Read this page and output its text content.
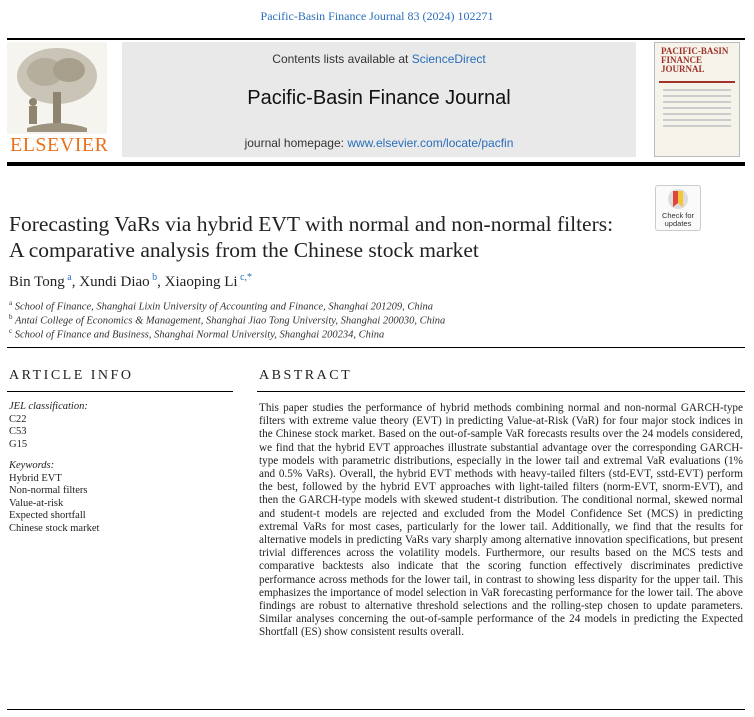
Pacific-Basin Finance Journal 83 (2024) 102271
ELSEVIER
Contents lists available at ScienceDirect
Pacific-Basin Finance Journal
journal homepage: www.elsevier.com/locate/pacfin
PACIFIC-BASIN FINANCE JOURNAL
Check for updates
Forecasting VaRs via hybrid EVT with normal and non-normal filters: A comparative analysis from the Chinese stock market
Bin Tong $^a$, Xundi Diao $^b$, Xiaoping Li $^{c,*}$
$^a$ School of Finance, Shanghai Lixin University of Accounting and Finance, Shanghai 201209, China
$^b$ Antai College of Economics & Management, Shanghai Jiao Tong University, Shanghai 200030, China
$^c$ School of Finance and Business, Shanghai Normal University, Shanghai 200234, China
ARTICLE INFO
JEL classification:
C22
C53
G15
Keywords:
Hybrid EVT
Non-normal filters
Value-at-risk
Expected shortfall
Chinese stock market
ABSTRACT
This paper studies the performance of hybrid methods combining normal and non-normal GARCH-type filters with extreme value theory (EVT) in predicting Value-at-Risk (VaR) for four major stock indices in the Chinese stock market. Based on the out-of-sample VaR forecasts results over the 24 models considered, we find that the hybrid EVT approaches illustrate substantial advantage over the corresponding GARCH-type models with parametric distributions, especially in the lower tail and extremal VaR evaluations (1% and 0.5% VaRs). Overall, the hybrid EVT methods with heavy-tailed filters (std-EVT, sstd-EVT) perform the best, followed by the hybrid EVT approaches with light-tailed filters (norm-EVT, snorm-EVT), and then the GARCH-type models with skewed student-t distribution. The conditional normal, skewed normal and student-t models are rejected and excluded from the Model Confidence Set (MCS) in predicting extremal VaRs for most cases, particularly for the lower tail. Additionally, we find that the results for alternative models in predicting VaRs vary sharply among alternative innovation specifications, but present trivial differences across the volatility models. Furthermore, our results based on the MCS tests and comparative backtests also indicate that the scoring function effectively discriminates predictive performance across methods for the lower tail, in contrast to showing less disparity for the upper tail. This emphasizes the importance of model selection in VaR forecasting performance for the lower tail. The above findings are robust to alternative threshold selections and the rolling-step chosen to update parameters. Similar analyses concerning the out-of-sample performance of the 24 models in predicting the Expected Shortfall (ES) show consistent results overall.
